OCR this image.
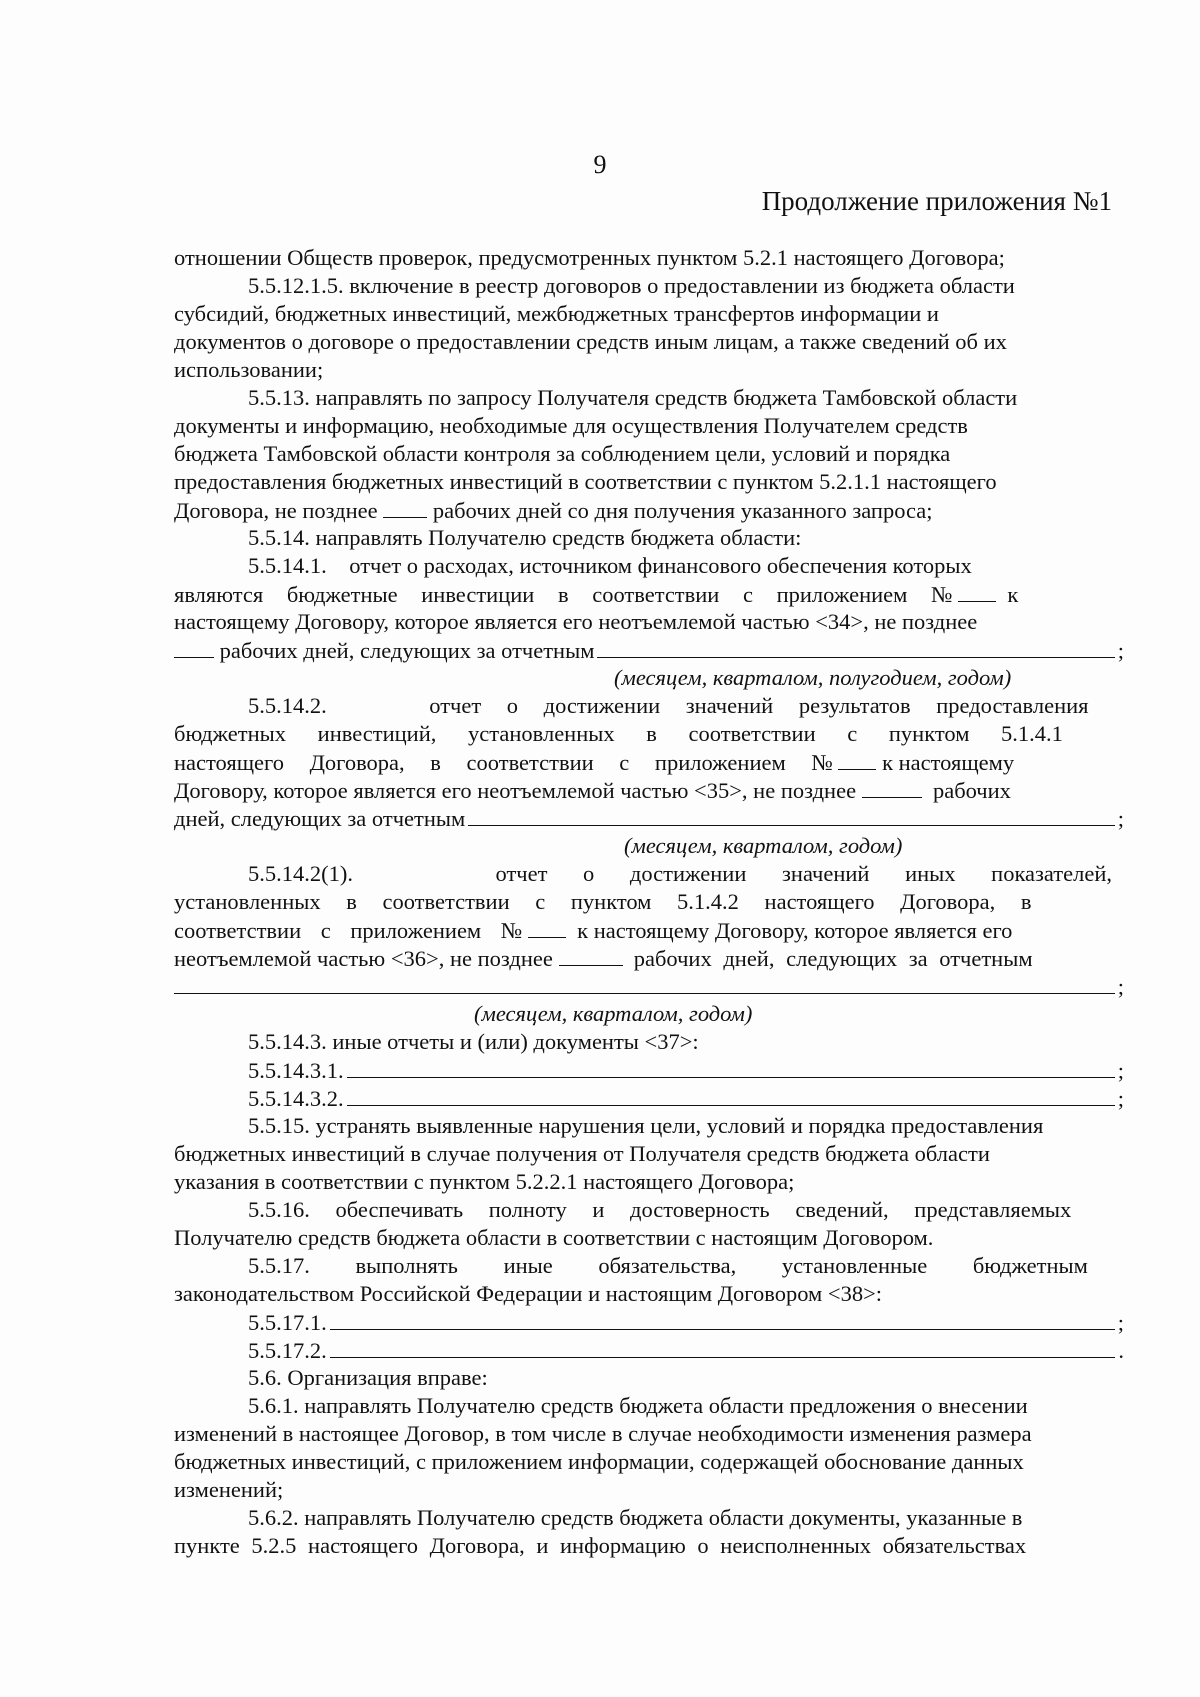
9
Продолжение приложения №1
отношении Обществ проверок, предусмотренных пунктом 5.2.1 настоящего Договора;
5.5.12.1.5. включение в реестр договоров о предоставлении из бюджета области
субсидий, бюджетных инвестиций, межбюджетных трансфертов информации и
документов о договоре о предоставлении средств иным лицам, а также сведений об их
использовании;
5.5.13. направлять по запросу Получателя средств бюджета Тамбовской области
документы и информацию, необходимые для осуществления Получателем средств
бюджета Тамбовской области контроля за соблюдением цели, условий и порядка
предоставления бюджетных инвестиций в соответствии с пунктом 5.2.1.1 настоящего
Договора, не позднее

рабочих дней со дня получения указанного запроса;
5.5.14. направлять Получателю средств бюджета области:
5.5.14.1.    отчет о расходах, источником финансового обеспечения которых
являются бюджетные инвестиции в соответствии с приложением №

к
настоящему Договору, которое является его неотъемлемой частью <34>, не позднее

рабочих дней, следующих за отчетным	;
(месяцем, кварталом, полугодием, годом)
5.5.14.2.    отчет о достижении значений результатов предоставления
бюджетных инвестиций, установленных в соответствии с пунктом 5.1.4.1
настоящего Договора, в соответствии с приложением №

к настоящему
Договору, которое является его неотъемлемой частью <35>, не позднее

	рабочих
дней, следующих за отчетным	;
(месяцем, кварталом, годом)
5.5.14.2(1).    отчет о достижении значений иных показателей,
установленных в соответствии с пунктом 5.1.4.2 настоящего Договора, в
соответствии с приложением №

к настоящему Договору, которое является его
неотъемлемой частью <36>, не позднее

	рабочих дней, следующих за отчетным
;
(месяцем, кварталом, годом)
5.5.14.3. иные отчеты и (или) документы <37>:
5.5.14.3.1.	;
5.5.14.3.2.	;
5.5.15. устранять выявленные нарушения цели, условий и порядка предоставления
бюджетных инвестиций в случае получения от Получателя средств бюджета области
указания в соответствии с пунктом 5.2.2.1 настоящего Договора;
5.5.16. обеспечивать полноту и достоверность сведений, представляемых
Получателю средств бюджета области в соответствии с настоящим Договором.
5.5.17. выполнять иные обязательства, установленные бюджетным
законодательством Российской Федерации и настоящим Договором <38>:
5.5.17.1.	;
5.5.17.2.	.
5.6. Организация вправе:
5.6.1. направлять Получателю средств бюджета области предложения о внесении
изменений в настоящее Договор, в том числе в случае необходимости изменения размера
бюджетных инвестиций, с приложением информации, содержащей обоснование данных
изменений;
5.6.2. направлять Получателю средств бюджета области документы, указанные в
пункте 5.2.5 настоящего Договора, и информацию о неисполненных обязательствах
